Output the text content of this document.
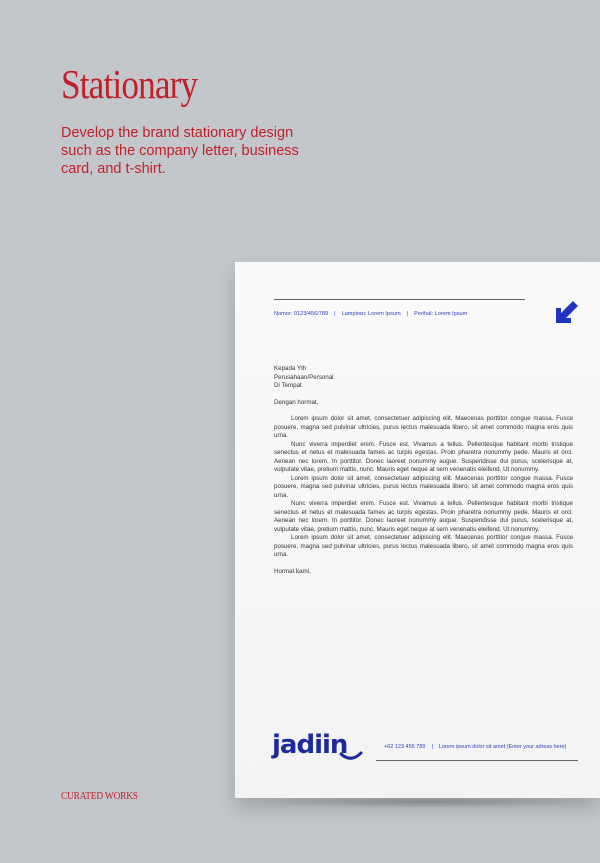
Stationary
Develop the brand stationary design such as the company letter, business card, and t-shirt.
Nomor: 0123/456/789 | Lampiran: Lorem Ipsum | Perihal: Lorem Ipsum
Kepada Yth
Perusahaan/Personal
Di Tempat
Dengan hormat,

Lorem ipsum dolor sit amet, consectetuer adipiscing elit. Maecenas porttitor congue massa. Fusce posuere, magna sed pulvinar ultricies, purus lectus malesuada libero, sit amet commodo magna eros quis urna.

Nunc viverra imperdiet enim. Fusce est. Vivamus a tellus. Pellentesque habitant morbi tristique senectus et netus et malesuada fames ac turpis egestas. Proin pharetra nonummy pede. Mauris et orci. Aenean nec lorem. In porttitor. Donec laoreet nonummy augue. Suspendisse dui purus, scelerisque at, vulputate vitae, pretium mattis, nunc. Mauris eget neque at sem venenatis eleifend. Ut nonummy.

Lorem ipsum dolor sit amet, consectetuer adipiscing elit. Maecenas porttitor congue massa. Fusce posuere, magna sed pulvinar ultricies, purus lectus malesuada libero, sit amet commodo magna eros quis urna.

Nunc viverra imperdiet enim. Fusce est. Vivamus a tellus. Pellentesque habitant morbi tristique senectus et netus et malesuada fames ac turpis egestas. Proin pharetra nonummy pede. Mauris et orci. Aenean nec lorem. In porttitor. Donec laoreet nonummy augue. Suspendisse dui purus, scelerisque at, vulputate vitae, pretium mattis, nunc. Mauris eget neque at sem venenatis eleifend. Ut nonummy.

Lorem ipsum dolor sit amet, consectetuer adipiscing elit. Maecenas porttitor congue massa. Fusce posuere, magna sed pulvinar ultricies, purus lectus malesuada libero, sit amet commodo magna eros quis urna.

Hormat kami,
jadiin	+62 123 456 789 | Lorem ipsum dolor sit amet (Enter your adress here)
CURATED WORKS
